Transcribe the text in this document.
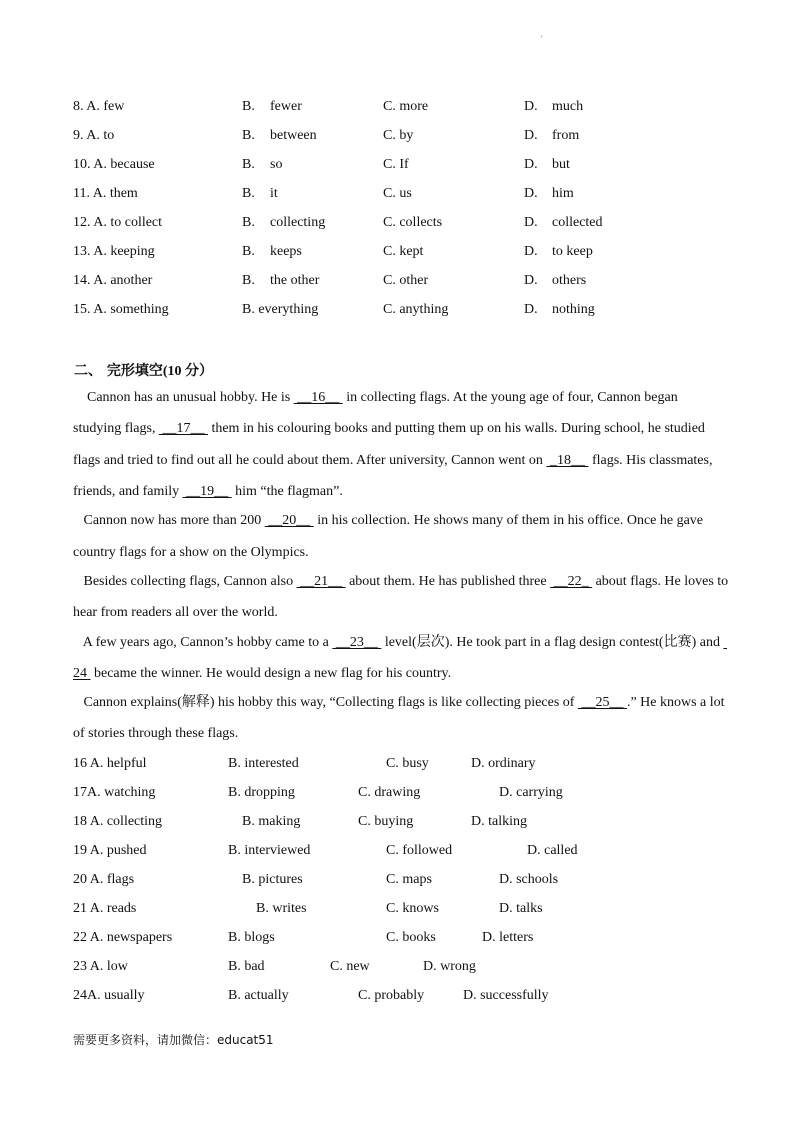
'
8. A. few	B. fewer	C. more	D. much
9. A. to	B. between	C. by	D. from
10. A. because	B. so	C. If	D. but
11. A. them	B. it	C. us	D. him
12. A. to collect	B. collecting	C. collects	D. collected
13. A. keeping	B. keeps	C. kept	D. to keep
14. A. another	B. the other	C. other	D. others
15. A. something	B. everything	C. anything	D. nothing
二、 完形填空(10 分）
Cannon has an unusual hobby. He is  __16__  in collecting flags. At the young age of four, Cannon began
studying flags,  __17__  them in his colouring books and putting them up on his walls. During school, he studied
flags and tried to find out all he could about them. After university, Cannon went on  _18__  flags. His classmates,
friends, and family  __19__  him “the flagman”.
Cannon now has more than 200  __20__  in his collection. He shows many of them in his office. Once he gave
country flags for a show on the Olympics.
Besides collecting flags, Cannon also  __21__  about them. He has published three  __22_  about flags. He loves to
hear from readers all over the world.
A few years ago, Cannon’s hobby came to a  __23__  level(层次). He took part in a flag design contest(比赛) and
24  became the winner. He would design a new flag for his country.
Cannon explains(解释) his hobby this way, “Collecting flags is like collecting pieces of  __25__ .” He knows a lot
of stories through these flags.
16 A. helpful	B. interested	C. busy	D. ordinary
17A. watching	B. dropping	C. drawing	D. carrying
18 A. collecting	B. making	C. buying	D. talking
19 A. pushed	B. interviewed	C. followed	D. called
20 A. flags	B. pictures	C. maps	D. schools
21 A. reads	B. writes	C. knows	D. talks
22 A. newspapers	B. blogs	C. books	D. letters
23 A. low	B. bad	C. new	D. wrong
24A. usually	B. actually	C. probably	D. successfully
需要更多资料，请加微信：educat51
